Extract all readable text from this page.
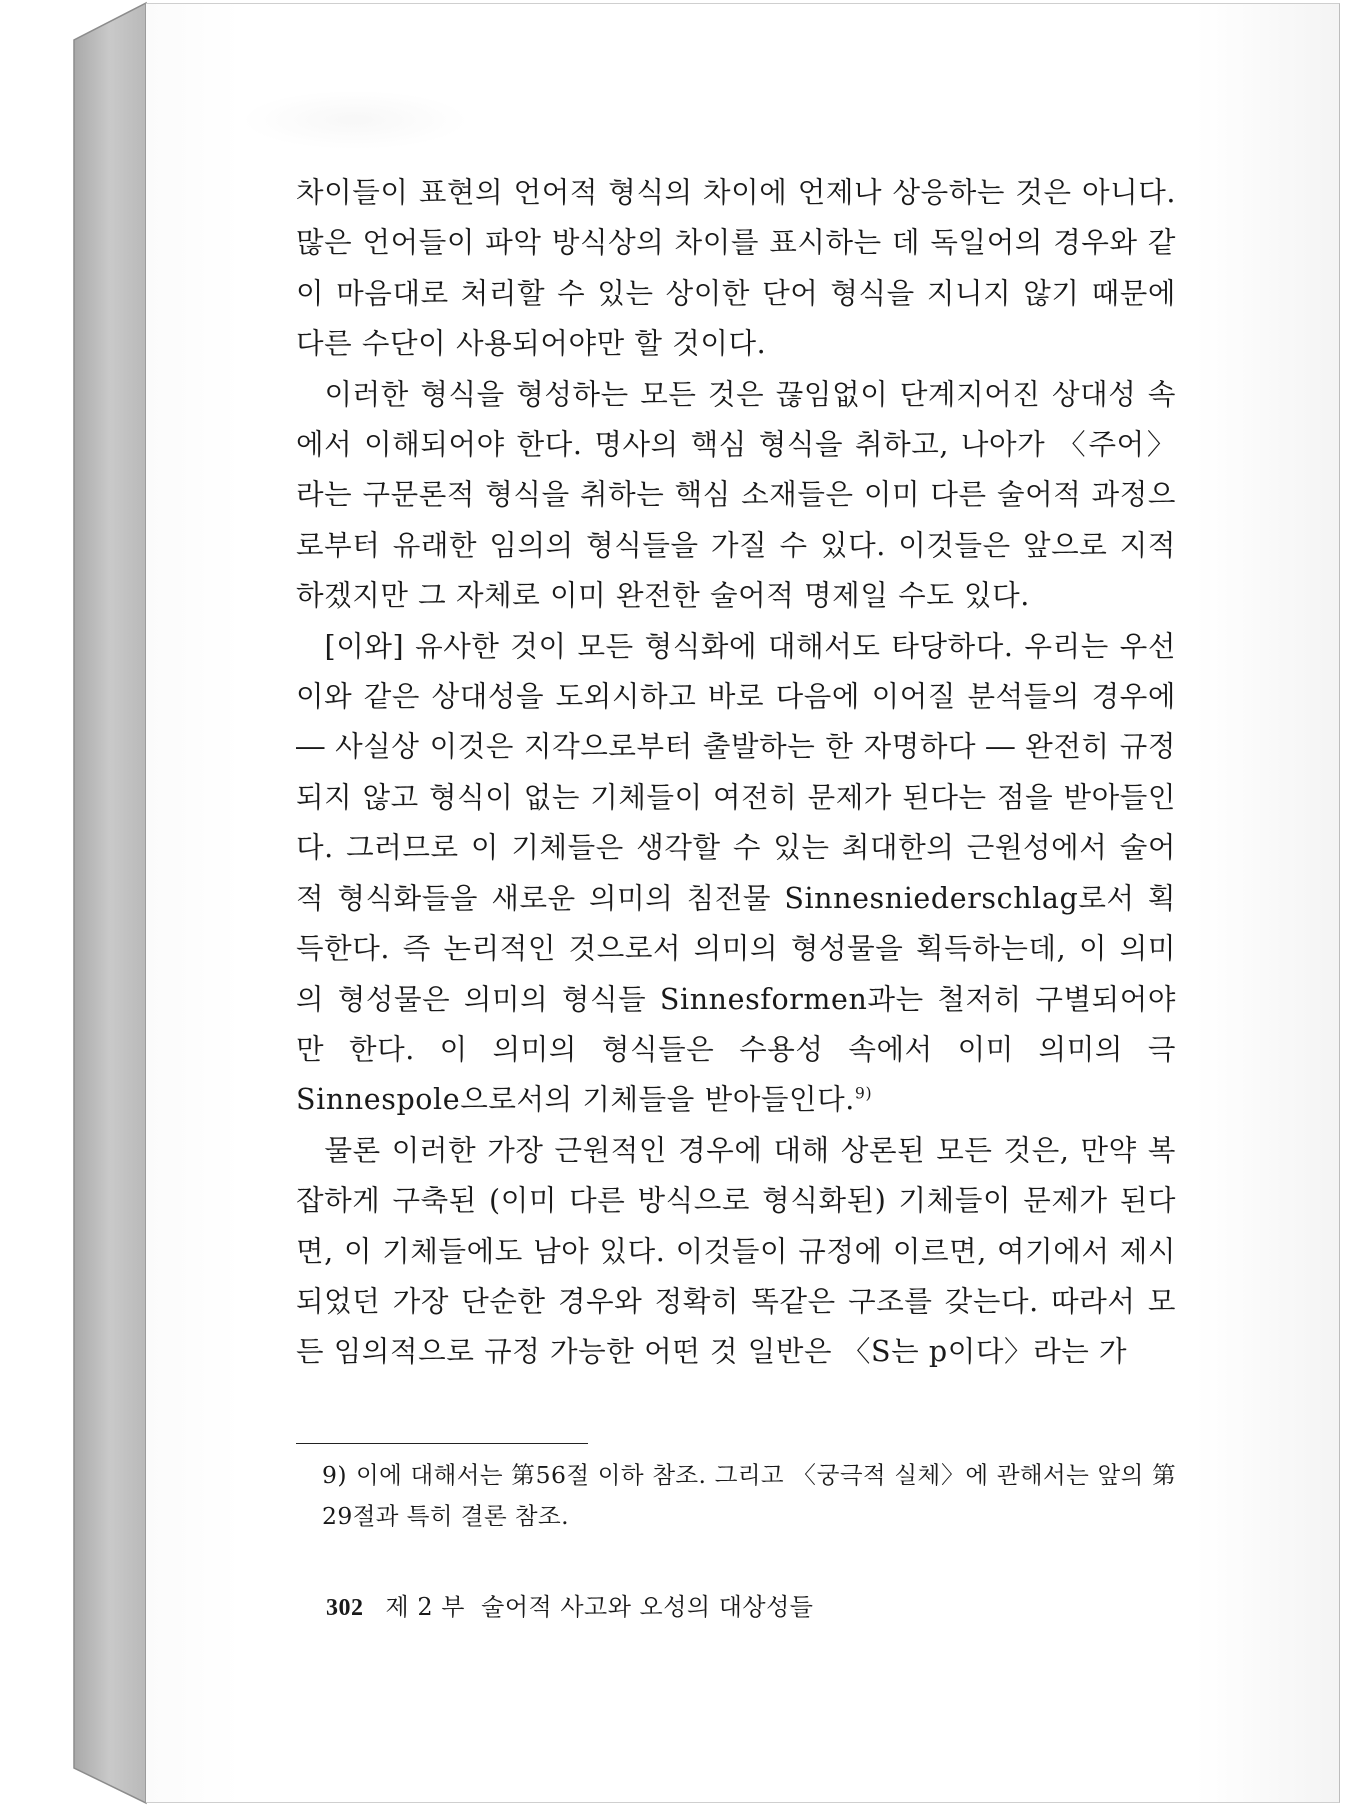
차이들이 표현의 언어적 형식의 차이에 언제나 상응하는 것은 아니다. 많은 언어들이 파악 방식상의 차이를 표시하는 데 독일어의 경우와 같이 마음대로 처리할 수 있는 상이한 단어 형식을 지니지 않기 때문에 다른 수단이 사용되어야만 할 것이다.

이러한 형식을 형성하는 모든 것은 끊임없이 단계지어진 상대성 속에서 이해되어야 한다. 명사의 핵심 형식을 취하고, 나아가 〈주어〉라는 구문론적 형식을 취하는 핵심 소재들은 이미 다른 술어적 과정으로부터 유래한 임의의 형식들을 가질 수 있다. 이것들은 앞으로 지적하겠지만 그 자체로 이미 완전한 술어적 명제일 수도 있다.

[이와] 유사한 것이 모든 형식화에 대해서도 타당하다. 우리는 우선 이와 같은 상대성을 도외시하고 바로 다음에 이어질 분석들의 경우에 ― 사실상 이것은 지각으로부터 출발하는 한 자명하다 ― 완전히 규정되지 않고 형식이 없는 기체들이 여전히 문제가 된다는 점을 받아들인다. 그러므로 이 기체들은 생각할 수 있는 최대한의 근원성에서 술어적 형식화들을 새로운 의미의 침전물 Sinnesniederschlag로서 획득한다. 즉 논리적인 것으로서 의미의 형성물을 획득하는데, 이 의미의 형성물은 의미의 형식들 Sinnesformen과는 철저히 구별되어야만 한다. 이 의미의 형식들은 수용성 속에서 이미 의미의 극 Sinnespole으로서의 기체들을 받아들인다.$^{9)}$

물론 이러한 가장 근원적인 경우에 대해 상론된 모든 것은, 만약 복잡하게 구축된 (이미 다른 방식으로 형식화된) 기체들이 문제가 된다면, 이 기체들에도 남아 있다. 이것들이 규정에 이르면, 여기에서 제시되었던 가장 단순한 경우와 정확히 똑같은 구조를 갖는다. 따라서 모든 임의적으로 규정 가능한 어떤 것 일반은 〈S는 p이다〉라는 가

9) 이에 대해서는 第56절 이하 참조. 그리고 〈궁극적 실체〉에 관해서는 앞의 第29절과 특히 결론 참조.
302 제 2 부  술어적 사고와 오성의 대상성들
